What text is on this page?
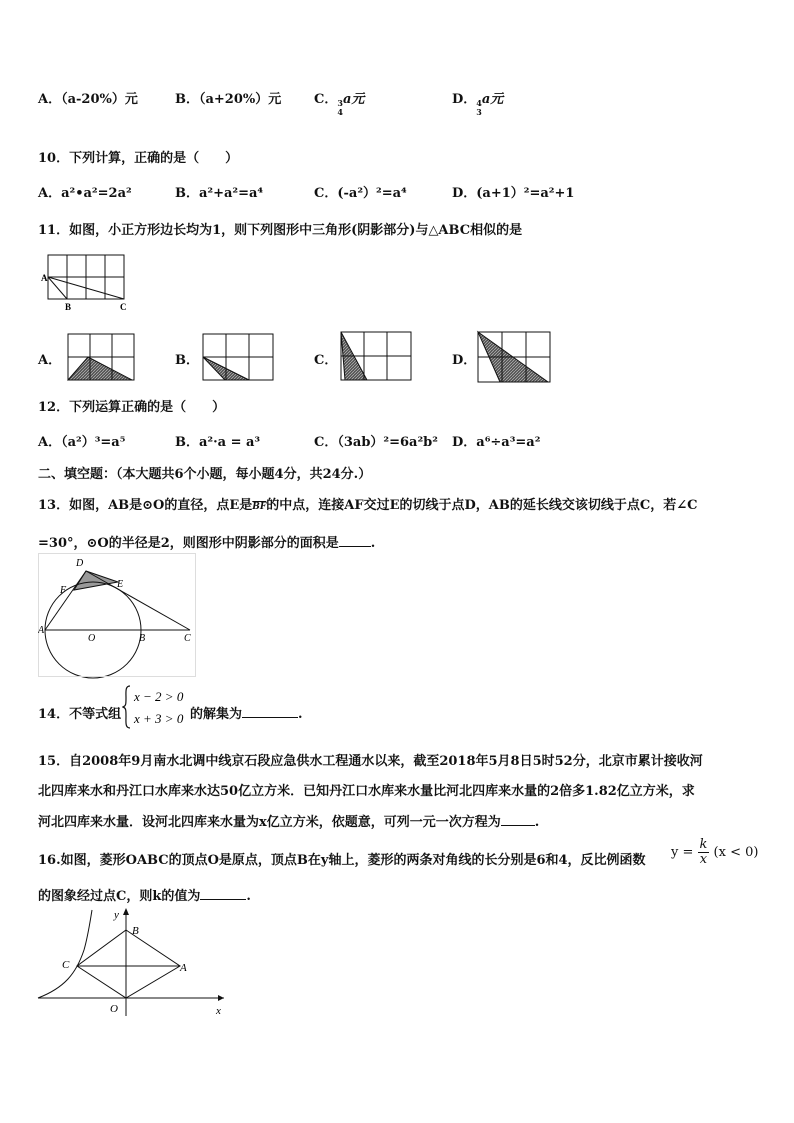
A．（a-20%）元	B．（a+20%）元	C．3
4a元	D．4
3a元
10．下列计算，正确的是（　　）
A．a²•a²=2a²	B．a²+a²=a⁴	C．(-a²）²=a⁴	D．(a+1）²=a²+1
11．如图，小正方形边长均为1，则下列图形中三角形(阴影部分)与△ABC相似的是
A
B	C
A．	B．	C．	D．
12．下列运算正确的是（　　）
A．（a²）³=a⁵	B．a²·a = a³	C．（3ab）²=6a²b² D．a⁶÷a³=a²
二、填空题：（本大题共6个小题，每小题4分，共24分.）
13．如图，AB是⊙O的直径，点E是$\overline{BF}$的中点，连接AF交过E的切线于点D，AB的延长线交该切线于点C，若∠C
=30°，⊙O的半径是2，则图形中阴影部分的面积是 .
D
F
E
A
O	B	C
14．不等式组
x − 2 > 0
x + 3 > 0 的解集为	.
15．自2008年9月南水北调中线京石段应急供水工程通水以来，截至2018年5月8日5时52分，北京市累计接收河
北四库来水和丹江口水库来水达50亿立方米．已知丹江口水库来水量比河北四库来水量的2倍多1.82亿立方米，求
河北四库来水量．设河北四库来水量为x亿立方米，依题意，可列一元一次方程为	.
16.如图，菱形OABC的顶点O是原点，顶点B在y轴上，菱形的两条对角线的长分别是6和4，反比例函数
$y = \frac{k}{x} (x < 0)$
的图象经过点C，则k的值为	.
y
B
C	A
O	x
